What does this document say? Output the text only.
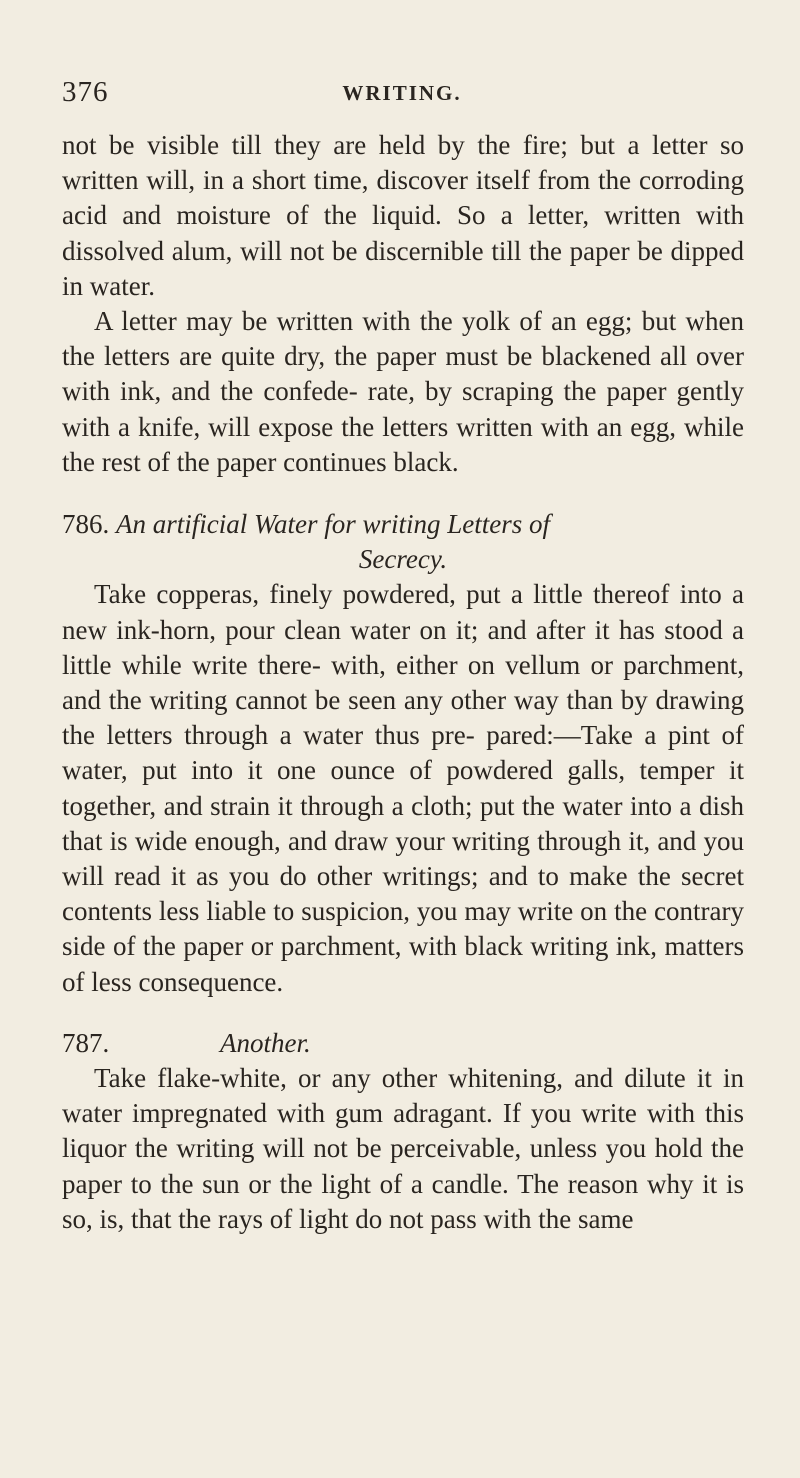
376	WRITING.

not be visible till they are held by the fire; but a letter so written will, in a short time, discover itself from the corroding acid and moisture of the liquid. So a letter, written with dissolved alum, will not be discernible till the paper be dipped in water.

A letter may be written with the yolk of an egg; but when the letters are quite dry, the paper must be blackened all over with ink, and the confede- rate, by scraping the paper gently with a knife, will expose the letters written with an egg, while the rest of the paper continues black.

786. An artificial Water for writing Letters of
Secrecy.

Take copperas, finely powdered, put a little thereof into a new ink-horn, pour clean water on it; and after it has stood a little while write there- with, either on vellum or parchment, and the writing cannot be seen any other way than by drawing the letters through a water thus pre- pared:—Take a pint of water, put into it one ounce of powdered galls, temper it together, and strain it through a cloth; put the water into a dish that is wide enough, and draw your writing through it, and you will read it as you do other writings; and to make the secret contents less liable to suspicion, you may write on the contrary side of the paper or parchment, with black writing ink, matters of less consequence.

787.	Another.

Take flake-white, or any other whitening, and dilute it in water impregnated with gum adragant. If you write with this liquor the writing will not be perceivable, unless you hold the paper to the sun or the light of a candle. The reason why it is so, is, that the rays of light do not pass with the same
